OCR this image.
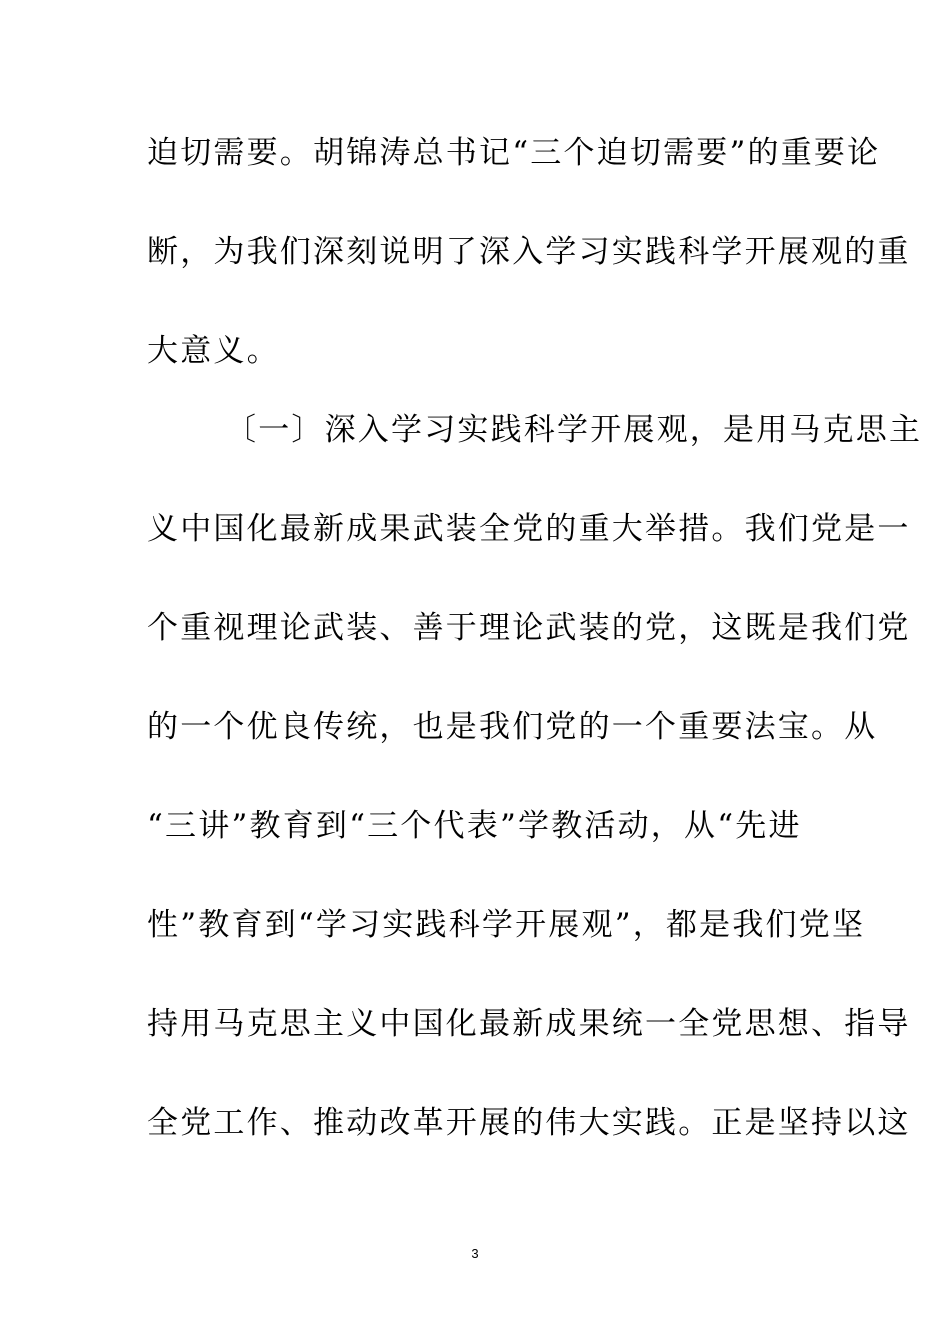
迫切需要。胡锦涛总书记“三个迫切需要”的重要论
断，为我们深刻说明了深入学习实践科学开展观的重
大意义。
〔一〕深入学习实践科学开展观，是用马克思主
义中国化最新成果武装全党的重大举措。我们党是一
个重视理论武装、善于理论武装的党，这既是我们党
的一个优良传统，也是我们党的一个重要法宝。从
“三讲”教育到“三个代表”学教活动，从“先进
性”教育到“学习实践科学开展观”，都是我们党坚
持用马克思主义中国化最新成果统一全党思想、指导
全党工作、推动改革开展的伟大实践。正是坚持以这
3
